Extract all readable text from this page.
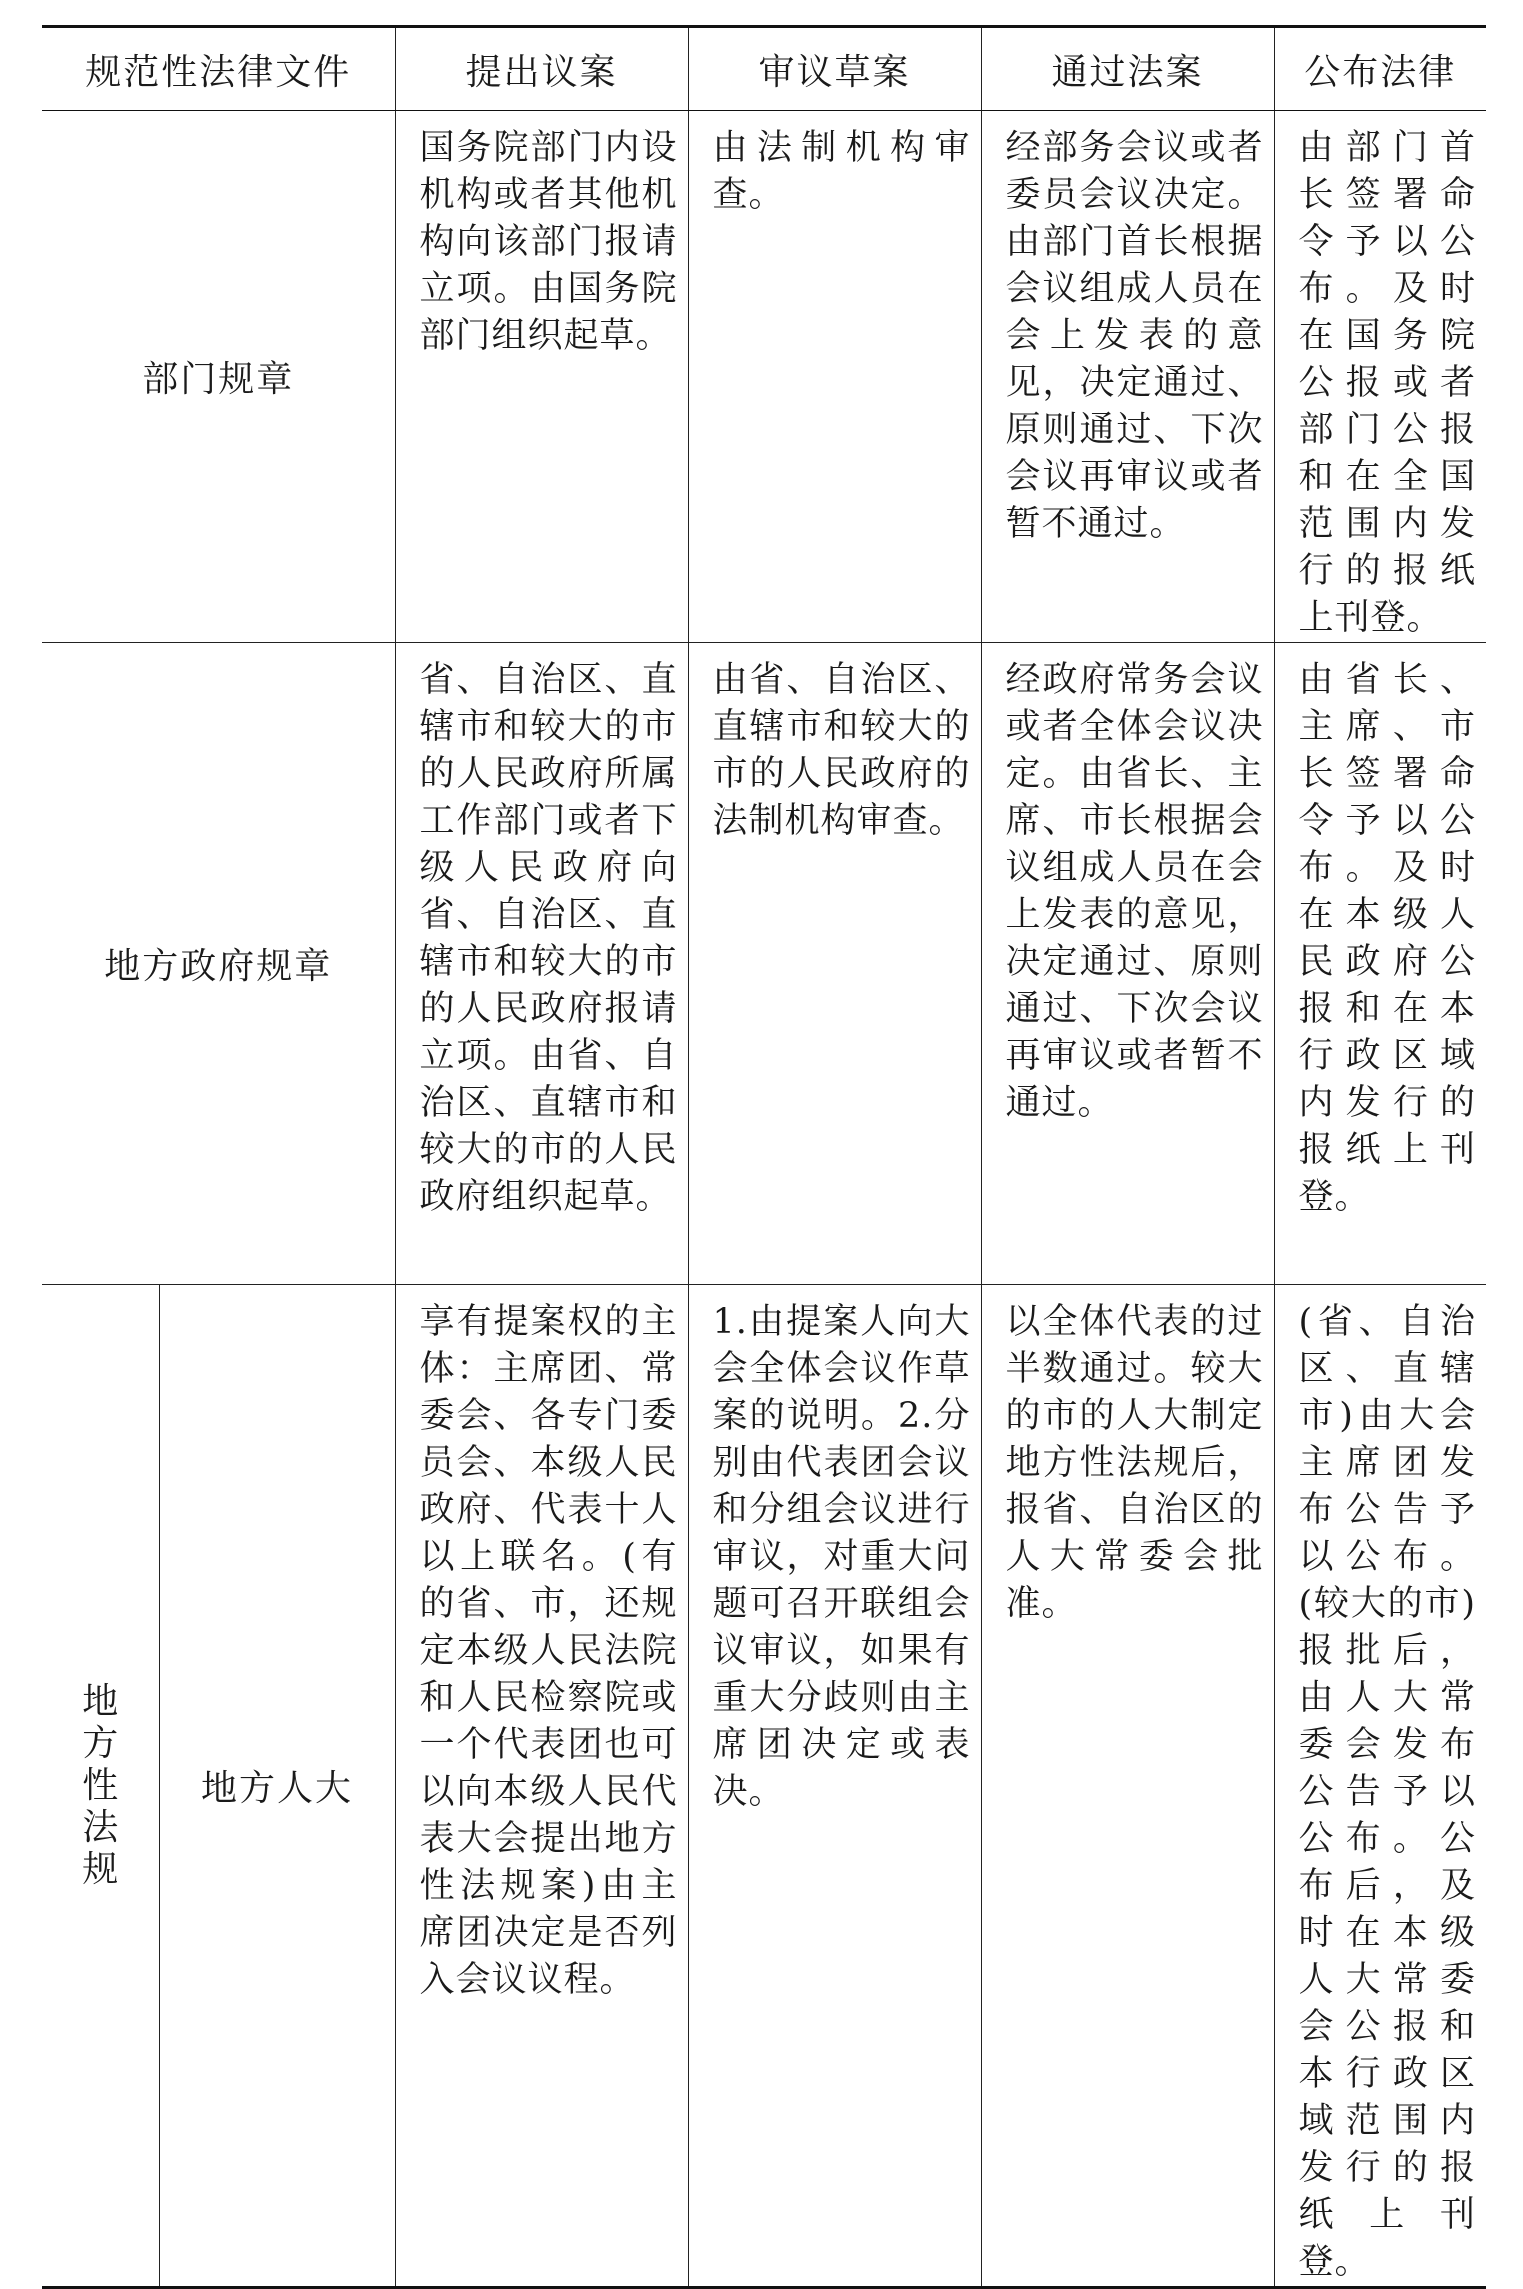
规范性法律文件		提出议案	审议草案	通过法案	公布法律
部门规章		国务院部门内设机构或者其他机构向该部门报请立项。由国务院部门组织起草。	由法制机构审查。	经部务会议或者委员会议决定。由部门首长根据会议组成人员在会上发表的意见，决定通过、原则通过、下次会议再审议或者暂不通过。	由部门首长签署命令予以公布。及时在国务院公报或者部门公报和在全国范围内发行的报纸上刊登。
地方政府规章		省、自治区、直辖市和较大的市的人民政府所属工作部门或者下级人民政府向省、自治区、直辖市和较大的市的人民政府报请立项。由省、自治区、直辖市和较大的市的人民政府组织起草。	由省、自治区、直辖市和较大的市的人民政府的法制机构审查。	经政府常务会议或者全体会议决定。由省长、主席、市长根据会议组成人员在会上发表的意见，决定通过、原则通过、下次会议再审议或者暂不通过。	由省长、主席、市长签署命令予以公布。及时在本级人民政府公报和在本行政区域内发行的报纸上刊登。
地方性法规	地方人大	享有提案权的主体：主席团、常委会、各专门委员会、本级人民政府、代表十人以上联名。(有的省、市，还规定本级人民法院和人民检察院或一个代表团也可以向本级人民代表大会提出地方性法规案)由主席团决定是否列入会议议程。	1.由提案人向大会全体会议作草案的说明。2.分别由代表团会议和分组会议进行审议，对重大问题可召开联组会议审议，如果有重大分歧则由主席团决定或表决。	以全体代表的过半数通过。较大的市的人大制定地方性法规后，报省、自治区的人大常委会批准。	(省、自治区、直辖市)由大会主席团发布公告予以公布。(较大的市)报批后，由人大常委会发布公告予以公布。公布后，及时在本级人大常委会公报和本行政区域范围内发行的报纸上刊登。
